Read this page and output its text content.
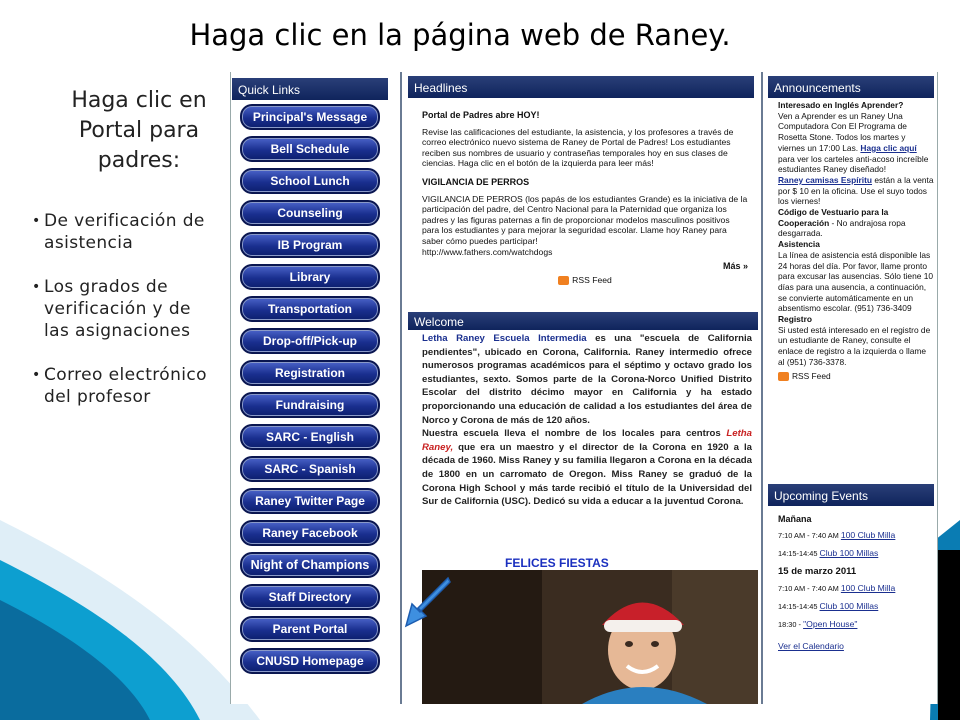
Haga clic en la página web de Raney.
Haga clic en Portal para padres:
• De verificación de asistencia
• Los grados de verificación y de las asignaciones
• Correo electrónico del profesor
Quick Links
Principal's Message
Bell Schedule
School Lunch
Counseling
IB Program
Library
Transportation
Drop-off/Pick-up
Registration
Fundraising
SARC - English
SARC - Spanish
Raney Twitter Page
Raney Facebook
Night of Champions
Staff Directory
Parent Portal
CNUSD Homepage
Headlines
Portal de Padres abre HOY!
Revise las calificaciones del estudiante, la asistencia, y los profesores a través de correo electrónico nuevo sistema de Raney de Portal de Padres! Los estudiantes reciben sus nombres de usuario y contraseñas temporales hoy en sus clases de ciencias. Haga clic en el botón de la izquierda para leer más!
VIGILANCIA DE PERROS
VIGILANCIA DE PERROS (los papás de los estudiantes Grande) es la iniciativa de la participación del padre, del Centro Nacional para la Paternidad que organiza los padres y las figuras paternas a fin de proporcionar modelos masculinos positivos para los estudiantes y para mejorar la seguridad escolar. Llame hoy Raney para saber cómo puedes participar!
http://www.fathers.com/watchdogs
Más »
RSS Feed
Welcome
Letha Raney Escuela Intermedia es una "escuela de California pendientes", ubicado en Corona, California. Raney intermedio ofrece numerosos programas académicos para el séptimo y octavo grado los estudiantes, sexto. Somos parte de la Corona-Norco Unified Distrito Escolar del distrito décimo mayor en California y ha estado proporcionando una educación de calidad a los estudiantes del área de Norco y Corona de más de 120 años.
Nuestra escuela lleva el nombre de los locales para centros Letha Raney, que era un maestro y el director de la Corona en 1920 a la década de 1960. Miss Raney y su familia llegaron a Corona en la década de 1800 en un carromato de Oregon. Miss Raney se graduó de la Corona High School y más tarde recibió el título de la Universidad del Sur de California (USC). Dedicó su vida a educar a la juventud Corona.
FELICES FIESTAS
Announcements
Interesado en Inglés Aprender?
Ven a Aprender es un Raney Una Computadora Con El Programa de Rosetta Stone. Todos los martes y viernes un 17:00 Las. Haga clic aquí para ver los carteles anti-acoso increíble estudiantes Raney diseñado!
Raney camisas Espíritu están a la venta por $ 10 en la oficina. Use el suyo todos los viernes!
Código de Vestuario para la Cooperación - No andrajosa ropa desgarrada.
Asistencia
La línea de asistencia está disponible las 24 horas del día. Por favor, llame pronto para excusar las ausencias. Sólo tiene 10 días para una ausencia, a continuación, se convierte automáticamente en un absentismo escolar. (951) 736-3409
Registro
Si usted está interesado en el registro de un estudiante de Raney, consulte el enlace de registro a la izquierda o llame al (951) 736-3378.
RSS Feed
Upcoming Events
Mañana
7:10 AM - 7:40 AM 100 Club Milla
14:15-14:45 Club 100 Millas
15 de marzo 2011
7:10 AM - 7:40 AM 100 Club Milla
14:15-14:45 Club 100 Millas
18:30 - "Open House"
Ver el Calendario
